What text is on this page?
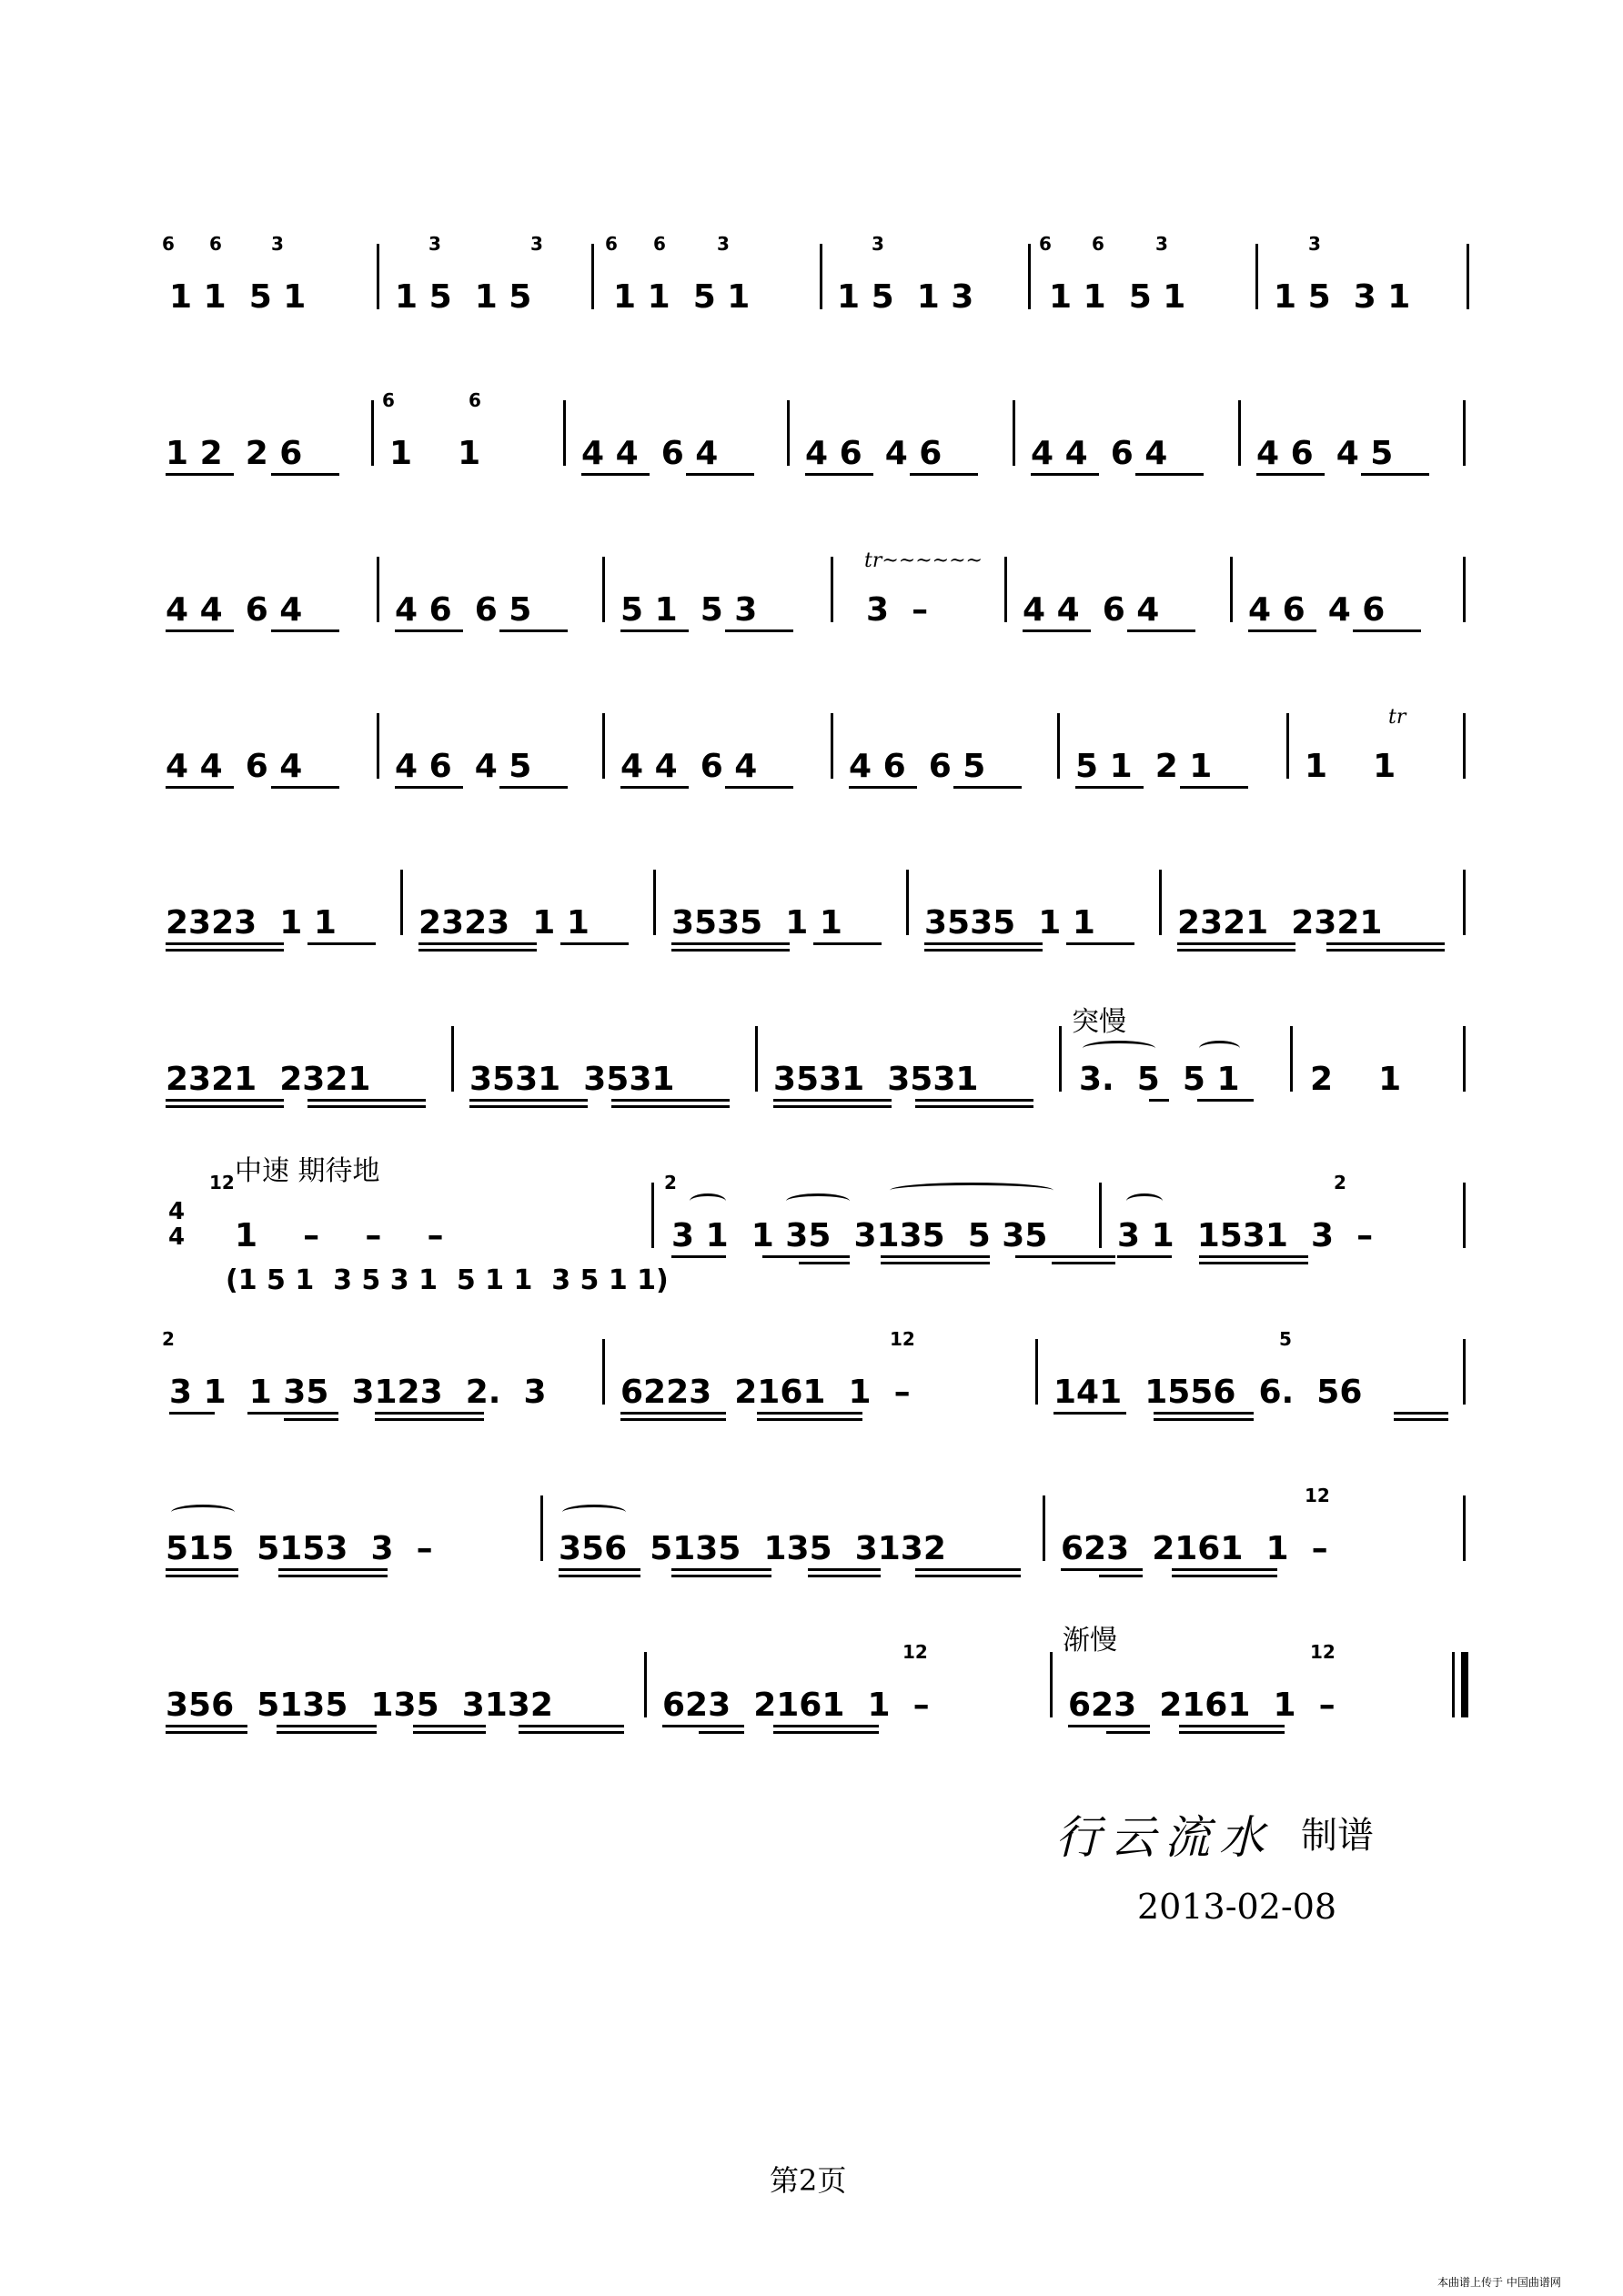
6 6	3
1 1  5 1
3	3
1 5  1 5
6 6	3
1 1  5 1
3
1 5  1 3
6 6	3
1 1  5 1
3
1 5  3 1
1 2  2 6
6	6
1    1	4 4  6 4	4 6  4 6	4 4  6 4	4 6  4 5
4 4  6 4	4 6  6 5	5 1  5 3
tr~~~~~~
3  –	4 4  6 4	4 6  4 6
4 4  6 4	4 6  4 5	4 4  6 4	4 6  6 5	5 1  2 1
tr
1    1
2323  1 1	2323  1 1	3535  1 1	3535  1 1	2321  2321
2321  2321	3531  3531	3531  3531
突慢
3.  5  5 1 2    1
中速 期待地
4
4
12
1    –    –    –
2
3 1  1 35  3135  5 35 3 1  1531  3  –
2
(1 5 1  3 5 3 1  5 1 1  3 5 1 1)
2
3 1  1 35  3123  2.  3
12
6223  2161  1  –
5
141  1556  6.  56
515  5153  3  –	356  5135  135  3132
12
623  2161  1  –
356  5135  135  3132
12
623  2161  1  –
渐慢	12
623  2161  1  –
行云流水 制谱
2013-02-08
第2页
本曲谱上传于 中国曲谱网
